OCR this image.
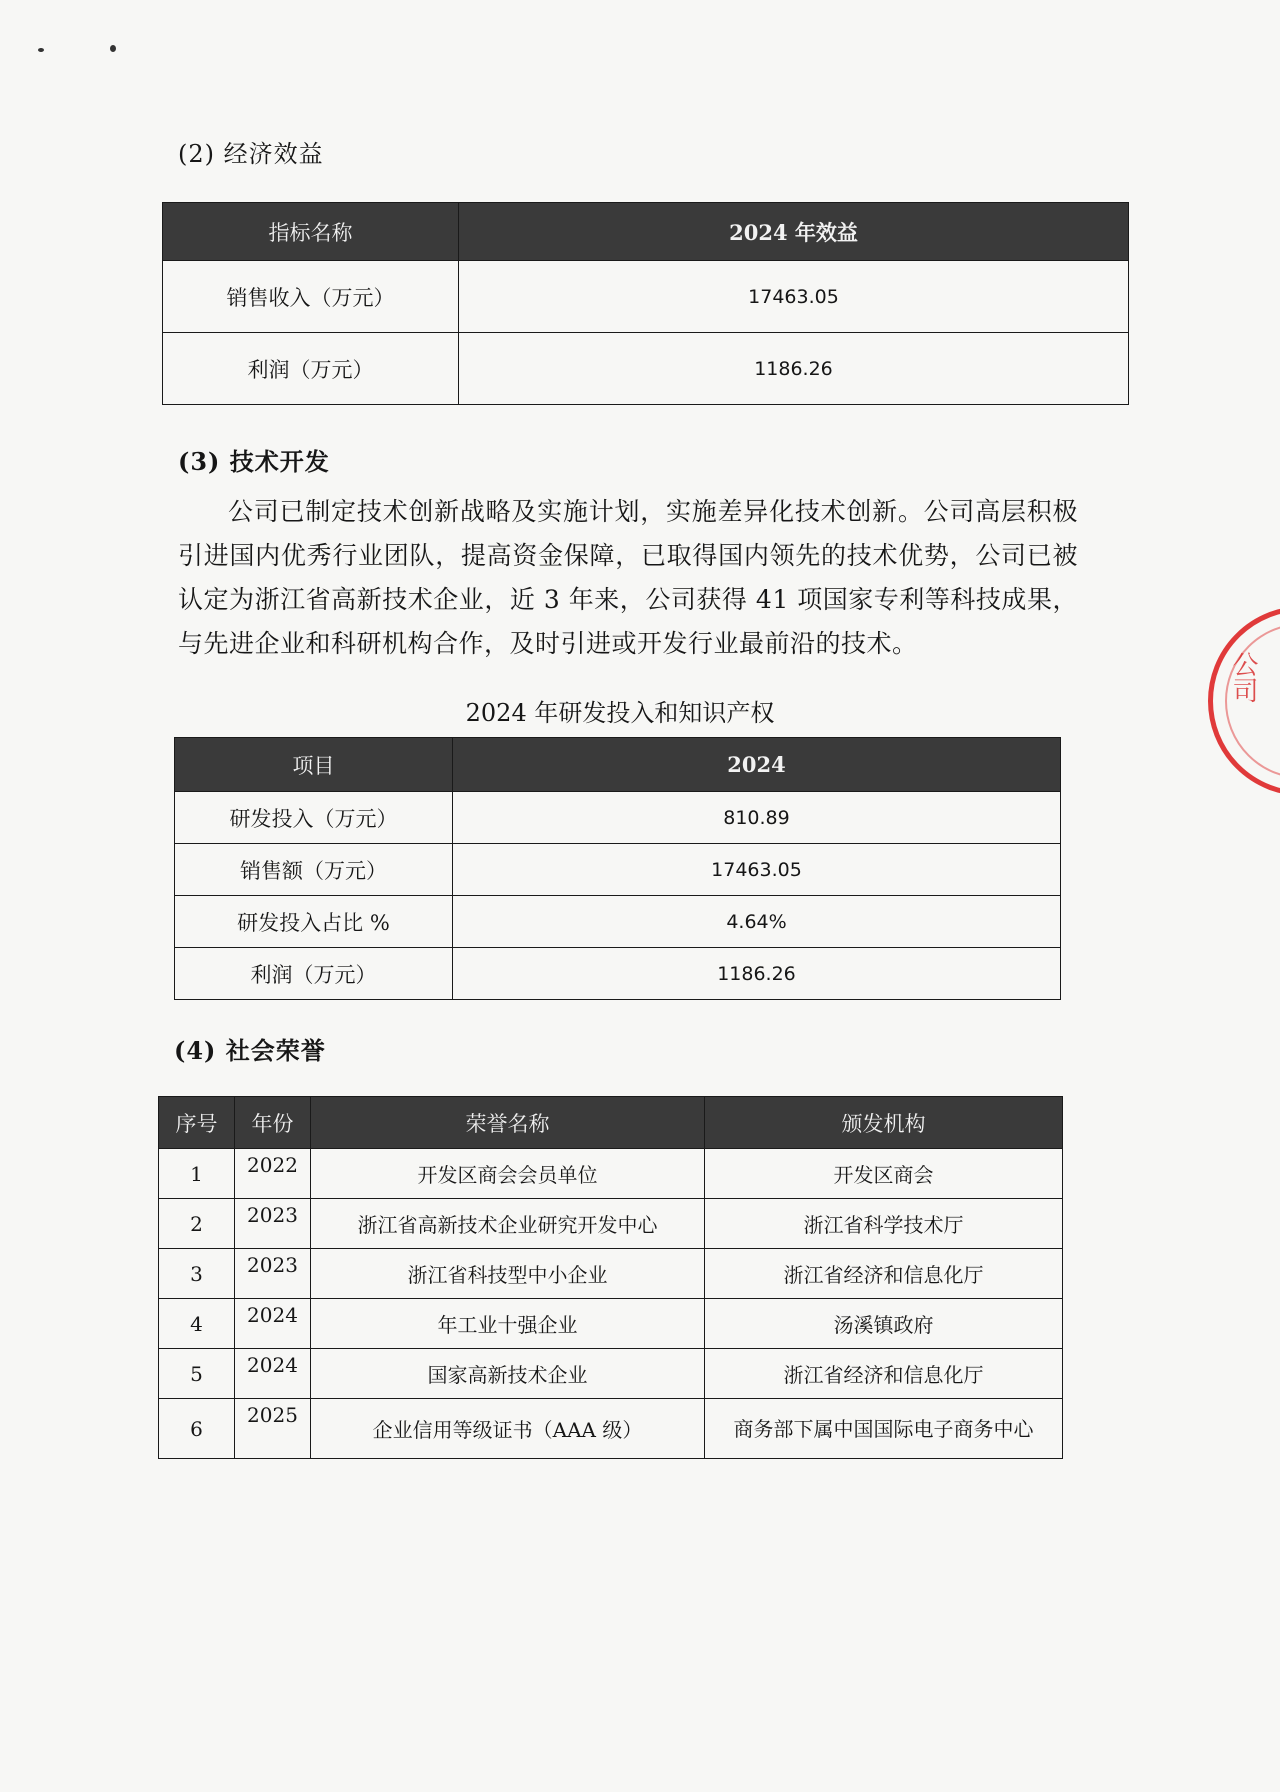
(2) 经济效益
指标名称	2024 年效益
销售收入（万元）	17463.05
利润（万元）	1186.26
(3) 技术开发
公司已制定技术创新战略及实施计划，实施差异化技术创新。公司高层积极引进国内优秀行业团队，提高资金保障，已取得国内领先的技术优势，公司已被认定为浙江省高新技术企业，近 3 年来，公司获得 41 项国家专利等科技成果，与先进企业和科研机构合作，及时引进或开发行业最前沿的技术。
2024 年研发投入和知识产权
项目	2024
研发投入（万元）	810.89
销售额（万元）	17463.05
研发投入占比 %	4.64%
利润（万元）	1186.26
(4) 社会荣誉
序号	年份	荣誉名称	颁发机构
1	2022	开发区商会会员单位	开发区商会
2	2023	浙江省高新技术企业研究开发中心	浙江省科学技术厅
3	2023	浙江省科技型中小企业	浙江省经济和信息化厅
4	2024	年工业十强企业	汤溪镇政府
5	2024	国家高新技术企业	浙江省经济和信息化厅
6	2025	企业信用等级证书（AAA 级）	商务部下属中国国际电子商务中心
公司
